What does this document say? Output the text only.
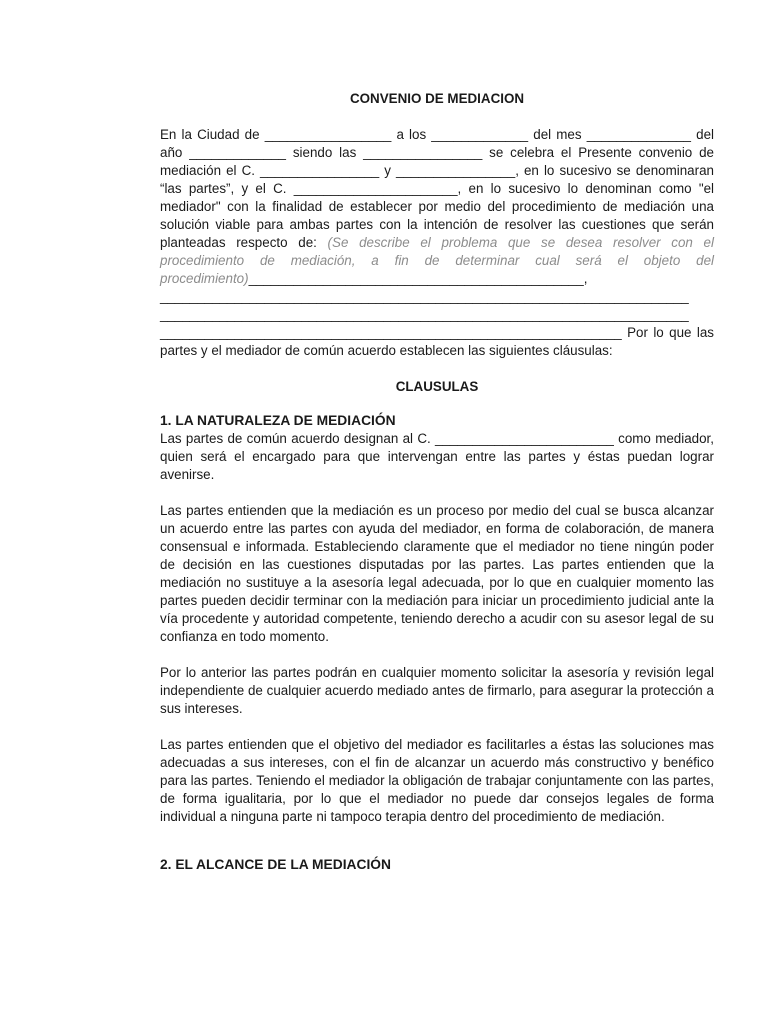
CONVENIO DE MEDIACION

En la Ciudad de _________________ a los _____________ del mes ______________ del año _____________ siendo las ________________ se celebra el Presente convenio de mediación el C. ________________ y ________________, en lo sucesivo se denominaran “las partes”, y el C. ______________________, en lo sucesivo lo denominan como "el mediador" con la finalidad de establecer por medio del procedimiento de mediación una solución viable para ambas partes con la intención de resolver las cuestiones que serán planteadas respecto de: (Se describe el problema que se desea resolver con el procedimiento de mediación, a fin de determinar cual será el objeto del procedimiento)_____________________________________________, _______________________________________________________________________ _______________________________________________________________________ ______________________________________________________________ Por lo que las partes y el mediador de común acuerdo establecen las siguientes cláusulas:

CLAUSULAS
1. LA NATURALEZA DE MEDIACIÓN

Las partes de común acuerdo designan al C. ________________________ como mediador, quien será el encargado para que intervengan entre las partes y éstas puedan lograr avenirse.

Las partes entienden que la mediación es un proceso por medio del cual se busca alcanzar un acuerdo entre las partes con ayuda del mediador, en forma de colaboración, de manera consensual e informada. Estableciendo claramente que el mediador no tiene ningún poder de decisión en las cuestiones disputadas por las partes. Las partes entienden que la mediación no sustituye a la asesoría legal adecuada, por lo que en cualquier momento las partes pueden decidir terminar con la mediación para iniciar un procedimiento judicial ante la vía procedente y autoridad competente, teniendo derecho a acudir con su asesor legal de su confianza en todo momento.

Por lo anterior las partes podrán en cualquier momento solicitar la asesoría y revisión legal independiente de cualquier acuerdo mediado antes de firmarlo, para asegurar la protección a sus intereses.

Las partes entienden que el objetivo del mediador es facilitarles a éstas las soluciones mas adecuadas a sus intereses, con el fin de alcanzar un acuerdo más constructivo y benéfico para las partes. Teniendo el mediador la obligación de trabajar conjuntamente con las partes, de forma igualitaria, por lo que el mediador no puede dar consejos legales de forma individual a ninguna parte ni tampoco terapia dentro del procedimiento de mediación.

2. EL ALCANCE DE LA MEDIACIÓN
